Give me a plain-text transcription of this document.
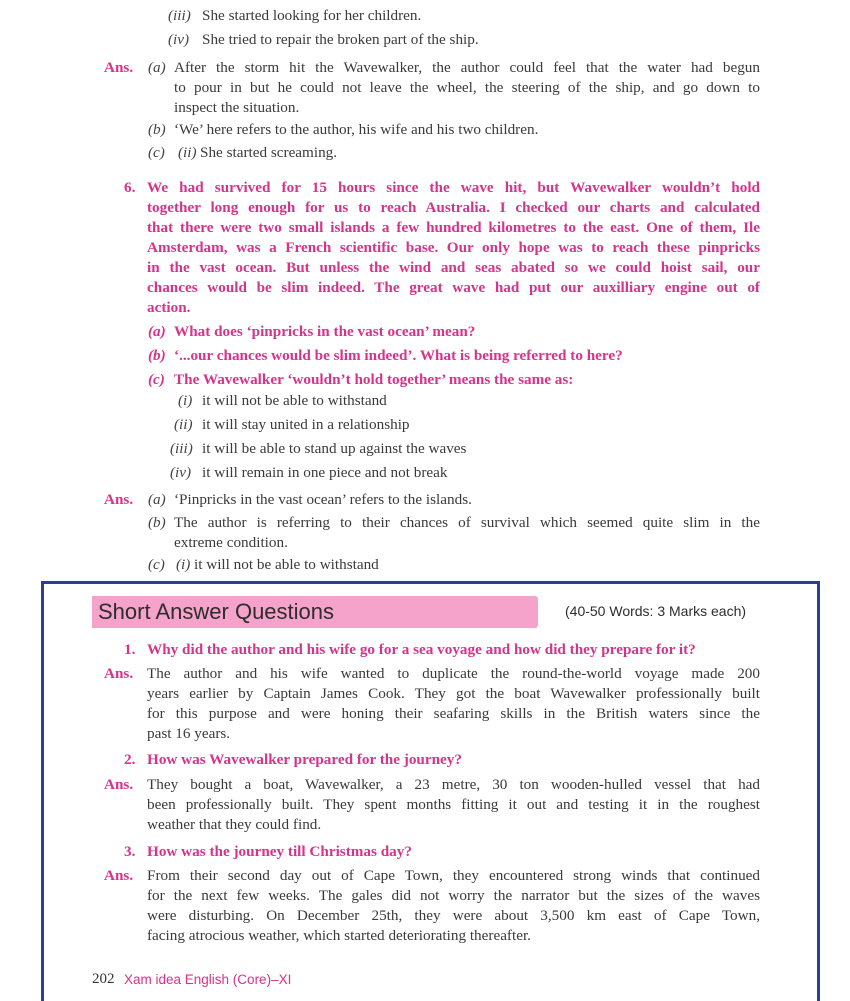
(iii) She started looking for her children.
(iv) She tried to repair the broken part of the ship.
Ans. (a) After the storm hit the Wavewalker, the author could feel that the water had begun
to pour in but he could not leave the wheel, the steering of the ship, and go down to
inspect the situation.
(b) ‘We’ here refers to the author, his wife and his two children.
(c) (ii) She started screaming.
6. We had survived for 15 hours since the wave hit, but Wavewalker wouldn’t hold
together long enough for us to reach Australia. I checked our charts and calculated
that there were two small islands a few hundred kilometres to the east. One of them, Ile
Amsterdam, was a French scientific base. Our only hope was to reach these pinpricks
in the vast ocean. But unless the wind and seas abated so we could hoist sail, our
chances would be slim indeed. The great wave had put our auxilliary engine out of
action.
(a) What does ‘pinpricks in the vast ocean’ mean?
(b) ‘...our chances would be slim indeed’. What is being referred to here?
(c) The Wavewalker ‘wouldn’t hold together’ means the same as:
(i) it will not be able to withstand
(ii) it will stay united in a relationship
(iii) it will be able to stand up against the waves
(iv) it will remain in one piece and not break
Ans. (a) ‘Pinpricks in the vast ocean’ refers to the islands.
(b) The author is referring to their chances of survival which seemed quite slim in the
extreme condition.
(c) (i) it will not be able to withstand
Short Answer Questions	(40-50 Words: 3 Marks each)
1. Why did the author and his wife go for a sea voyage and how did they prepare for it?
Ans. The author and his wife wanted to duplicate the round-the-world voyage made 200
years earlier by Captain James Cook. They got the boat Wavewalker professionally built
for this purpose and were honing their seafaring skills in the British waters since the
past 16 years.
2. How was Wavewalker prepared for the journey?
Ans. They bought a boat, Wavewalker, a 23 metre, 30 ton wooden-hulled vessel that had
been professionally built. They spent months fitting it out and testing it in the roughest
weather that they could find.
3. How was the journey till Christmas day?
Ans. From their second day out of Cape Town, they encountered strong winds that continued
for the next few weeks. The gales did not worry the narrator but the sizes of the waves
were disturbing. On December 25th, they were about 3,500 km east of Cape Town,
facing atrocious weather, which started deteriorating thereafter.
202 Xam idea English (Core)–XI
